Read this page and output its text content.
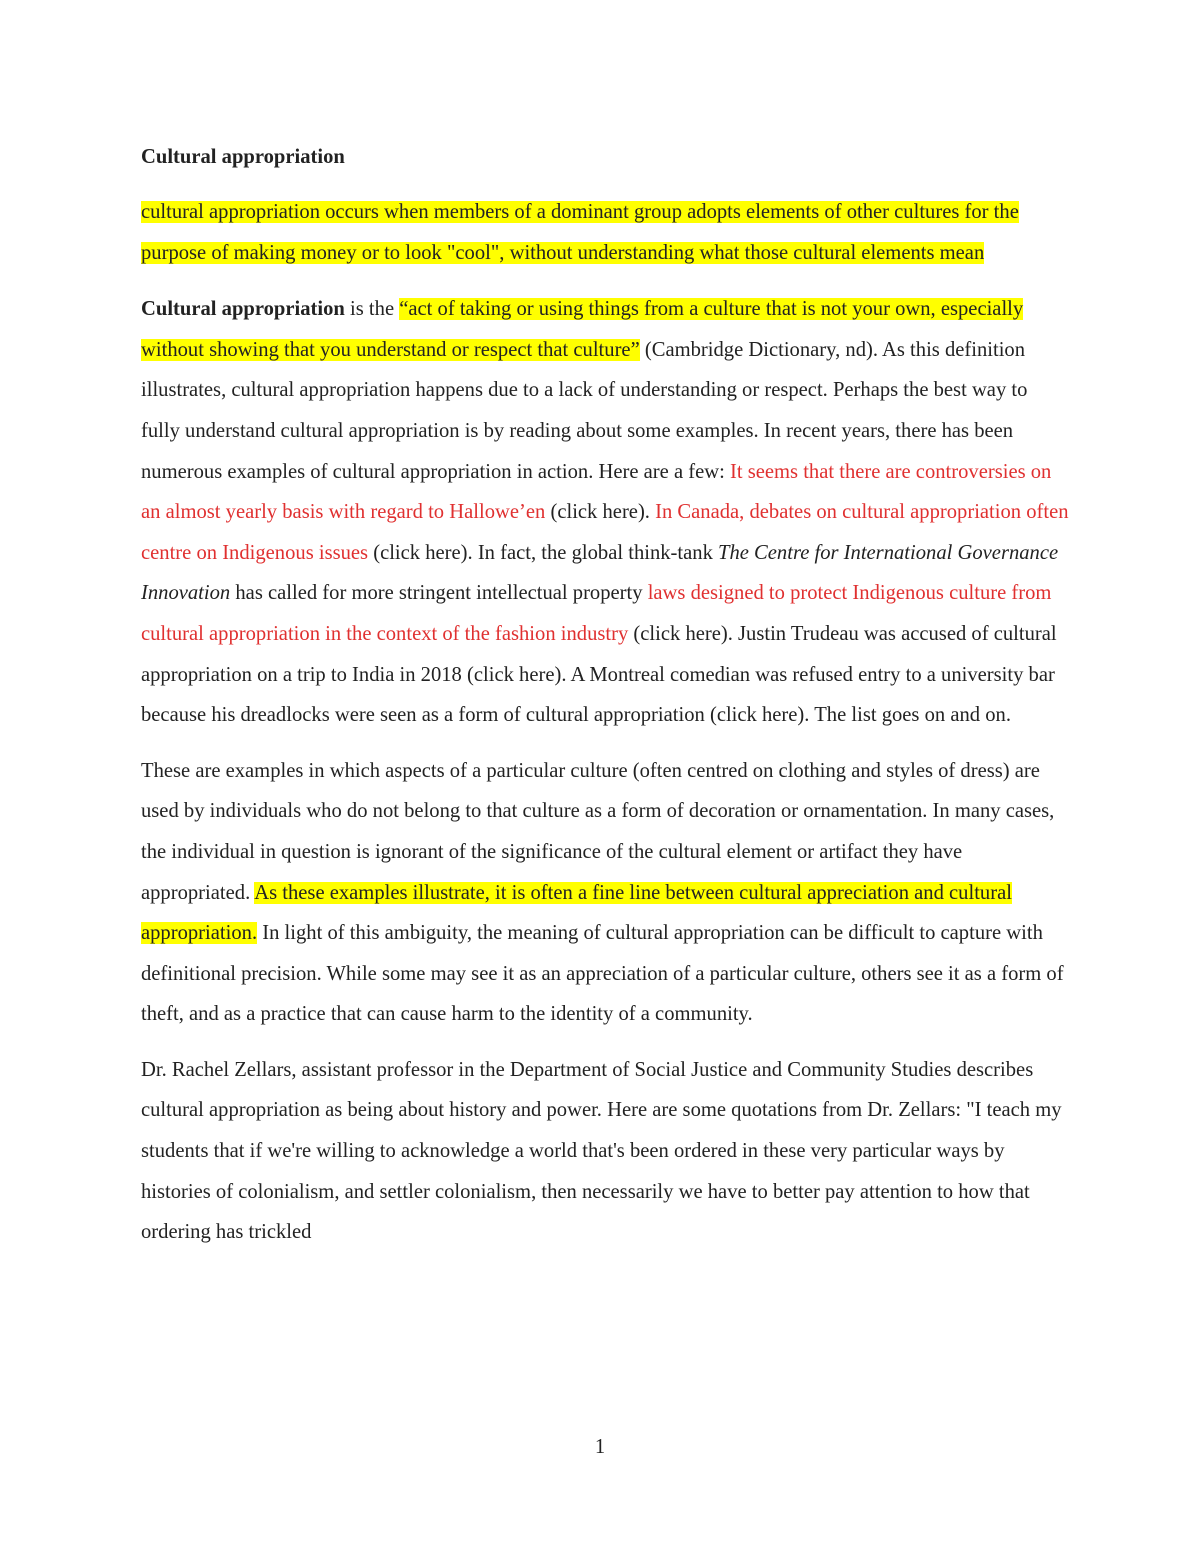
Cultural appropriation
cultural appropriation occurs when members of a dominant group adopts elements of other cultures for the purpose of making money or to look "cool", without understanding what those cultural elements mean
Cultural appropriation is the “act of taking or using things from a culture that is not your own, especially without showing that you understand or respect that culture” (Cambridge Dictionary, nd). As this definition illustrates, cultural appropriation happens due to a lack of understanding or respect. Perhaps the best way to fully understand cultural appropriation is by reading about some examples. In recent years, there has been numerous examples of cultural appropriation in action. Here are a few: It seems that there are controversies on an almost yearly basis with regard to Hallowe’en (click here). In Canada, debates on cultural appropriation often centre on Indigenous issues (click here). In fact, the global think-tank The Centre for International Governance Innovation has called for more stringent intellectual property laws designed to protect Indigenous culture from cultural appropriation in the context of the fashion industry (click here). Justin Trudeau was accused of cultural appropriation on a trip to India in 2018 (click here). A Montreal comedian was refused entry to a university bar because his dreadlocks were seen as a form of cultural appropriation (click here). The list goes on and on.
These are examples in which aspects of a particular culture (often centred on clothing and styles of dress) are used by individuals who do not belong to that culture as a form of decoration or ornamentation. In many cases, the individual in question is ignorant of the significance of the cultural element or artifact they have appropriated. As these examples illustrate, it is often a fine line between cultural appreciation and cultural appropriation. In light of this ambiguity, the meaning of cultural appropriation can be difficult to capture with definitional precision. While some may see it as an appreciation of a particular culture, others see it as a form of theft, and as a practice that can cause harm to the identity of a community.
Dr. Rachel Zellars, assistant professor in the Department of Social Justice and Community Studies describes cultural appropriation as being about history and power. Here are some quotations from Dr. Zellars: "I teach my students that if we're willing to acknowledge a world that's been ordered in these very particular ways by histories of colonialism, and settler colonialism, then necessarily we have to better pay attention to how that ordering has trickled
1
